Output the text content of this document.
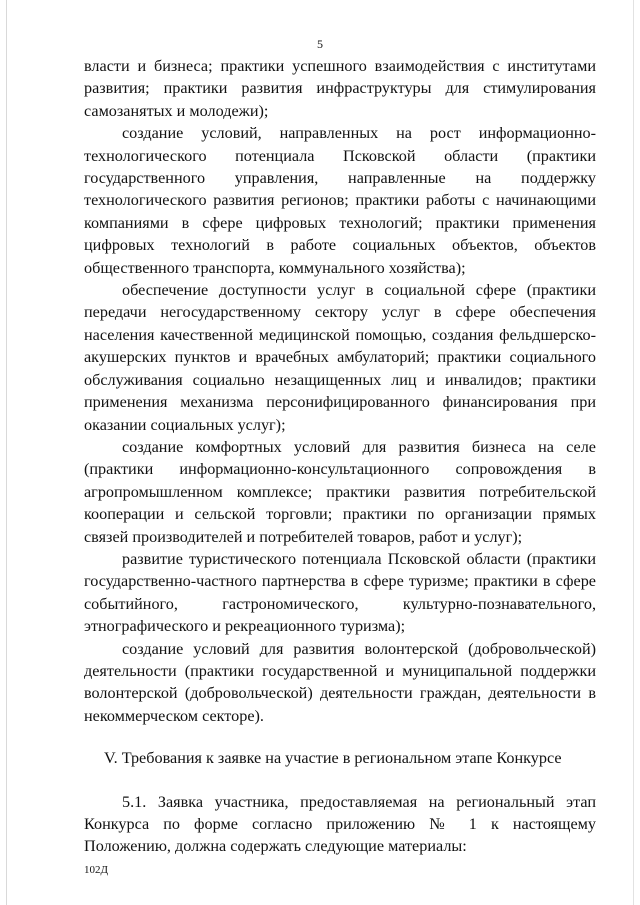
5

власти и бизнеса; практики успешного взаимодействия с институтами развития; практики развития инфраструктуры для стимулирования самозанятых и молодежи);

создание условий, направленных на рост информационно-технологического потенциала Псковской области (практики государственного управления, направленные на поддержку технологического развития регионов; практики работы с начинающими компаниями в сфере цифровых технологий; практики применения цифровых технологий в работе социальных объектов, объектов общественного транспорта, коммунального хозяйства);

обеспечение доступности услуг в социальной сфере (практики передачи негосударственному сектору услуг в сфере обеспечения населения качественной медицинской помощью, создания фельдшерско-акушерских пунктов и врачебных амбулаторий; практики социального обслуживания социально незащищенных лиц и инвалидов; практики применения механизма персонифицированного финансирования при оказании социальных услуг);

создание комфортных условий для развития бизнеса на селе (практики информационно-консультационного сопровождения в агропромышленном комплексе; практики развития потребительской кооперации и сельской торговли; практики по организации прямых связей производителей и потребителей товаров, работ и услуг);

развитие туристического потенциала Псковской области (практики государственно-частного партнерства в сфере туризме; практики в сфере событийного, гастрономического, культурно-познавательного, этнографического и рекреационного туризма);

создание условий для развития волонтерской (добровольческой) деятельности (практики государственной и муниципальной поддержки волонтерской (добровольческой) деятельности граждан, деятельности в некоммерческом секторе).

V. Требования к заявке на участие в региональном этапе Конкурсе

5.1. Заявка участника, предоставляемая на региональный этап Конкурса по форме согласно приложению № 1 к настоящему Положению, должна содержать следующие материалы:

102Д
